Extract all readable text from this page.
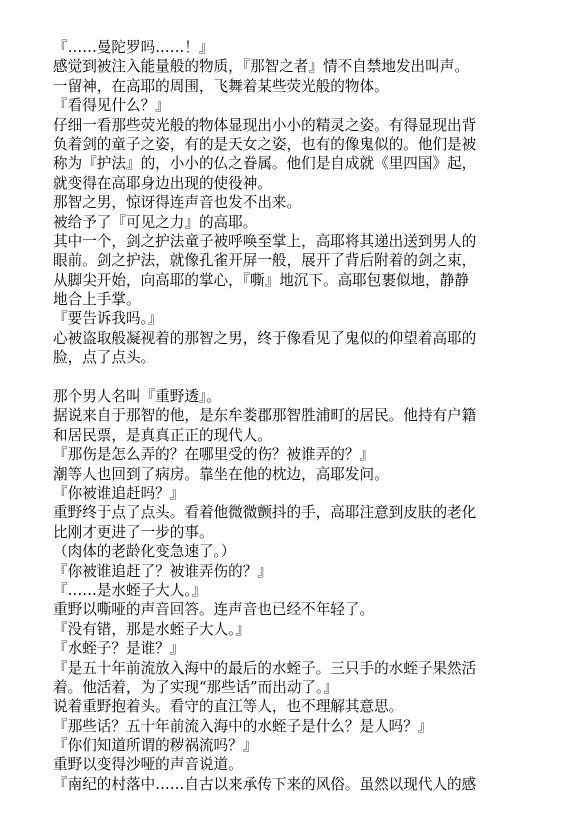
『……曼陀罗吗……！』
感觉到被注入能量般的物质，『那智之者』情不自禁地发出叫声。
一留神，在高耶的周围，飞舞着某些荧光般的物体。
『看得见什么？』
仔细一看那些荧光般的物体显现出小小的精灵之姿。有得显现出背
负着剑的童子之姿，有的是天女之姿，也有的像鬼似的。他们是被
称为『护法』的，小小的仏之眷属。他们是自成就《里四国》起，
就变得在高耶身边出现的使役神。
那智之男，惊讶得连声音也发不出来。
被给予了『可见之力』的高耶。
其中一个，剑之护法童子被呼唤至掌上，高耶将其递出送到男人的
眼前。剑之护法，就像孔雀开屏一般，展开了背后附着的剑之束，
从脚尖开始，向高耶的掌心，『嘶』地沉下。高耶包裹似地，静静
地合上手掌。
『要告诉我吗。』
心被盗取般凝视着的那智之男，终于像看见了鬼似的仰望着高耶的
脸，点了点头。
那个男人名叫『重野透』。
据说来自于那智的他，是东牟娄郡那智胜浦町的居民。他持有户籍
和居民票，是真真正正的现代人。
『那伤是怎么弄的？在哪里受的伤？被谁弄的？』
潮等人也回到了病房。靠坐在他的枕边，高耶发问。
『你被谁追赶吗？』
重野终于点了点头。看着他微微颤抖的手，高耶注意到皮肤的老化
比刚才更进了一步的事。
（肉体的老龄化变急速了。）
『你被谁追赶了？被谁弄伤的？』
『……是水蛭子大人。』
重野以嘶哑的声音回答。连声音也已经不年轻了。
『没有错，那是水蛭子大人。』
『水蛭子？是谁？』
『是五十年前流放入海中的最后的水蛭子。三只手的水蛭子果然活
着。他活着，为了实现“那些话”而出动了。』
说着重野抱着头。看守的直江等人，也不理解其意思。
『那些话？五十年前流入海中的水蛭子是什么？是人吗？』
『你们知道所谓的秽祸流吗？』
重野以变得沙哑的声音说道。
『南纪的村落中……自古以来承传下来的风俗。虽然以现代人的感
